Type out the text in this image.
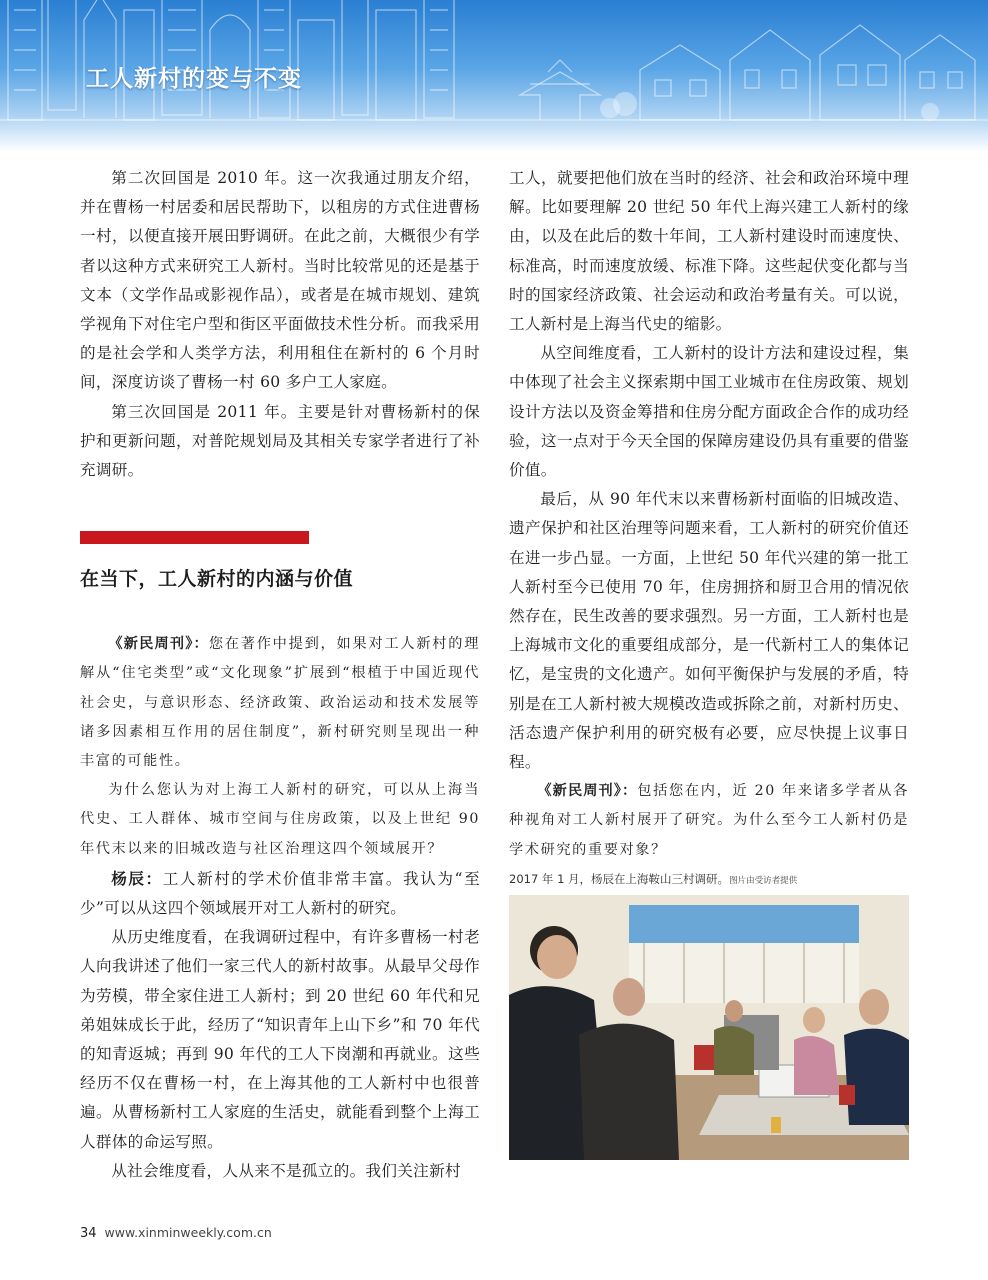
工人新村的变与不变

第二次回国是 2010 年。这一次我通过朋友介绍，并在曹杨一村居委和居民帮助下，以租房的方式住进曹杨一村，以便直接开展田野调研。在此之前，大概很少有学者以这种方式来研究工人新村。当时比较常见的还是基于文本（文学作品或影视作品），或者是在城市规划、建筑学视角下对住宅户型和街区平面做技术性分析。而我采用的是社会学和人类学方法，利用租住在新村的 6 个月时间，深度访谈了曹杨一村 60 多户工人家庭。

第三次回国是 2011 年。主要是针对曹杨新村的保护和更新问题，对普陀规划局及其相关专家学者进行了补充调研。

在当下，工人新村的内涵与价值

《新民周刊》：您在著作中提到，如果对工人新村的理解从“住宅类型”或“文化现象”扩展到“根植于中国近现代社会史，与意识形态、经济政策、政治运动和技术发展等诸多因素相互作用的居住制度”，新村研究则呈现出一种丰富的可能性。

为什么您认为对上海工人新村的研究，可以从上海当代史、工人群体、城市空间与住房政策，以及上世纪 90 年代末以来的旧城改造与社区治理这四个领域展开？

杨辰：工人新村的学术价值非常丰富。我认为“至少”可以从这四个领域展开对工人新村的研究。

从历史维度看，在我调研过程中，有许多曹杨一村老人向我讲述了他们一家三代人的新村故事。从最早父母作为劳模，带全家住进工人新村；到 20 世纪 60 年代和兄弟姐妹成长于此，经历了“知识青年上山下乡”和 70 年代的知青返城；再到 90 年代的工人下岗潮和再就业。这些经历不仅在曹杨一村，在上海其他的工人新村中也很普遍。从曹杨新村工人家庭的生活史，就能看到整个上海工人群体的命运写照。

从社会维度看，人从来不是孤立的。我们关注新村

工人，就要把他们放在当时的经济、社会和政治环境中理解。比如要理解 20 世纪 50 年代上海兴建工人新村的缘由，以及在此后的数十年间，工人新村建设时而速度快、标准高，时而速度放缓、标准下降。这些起伏变化都与当时的国家经济政策、社会运动和政治考量有关。可以说，工人新村是上海当代史的缩影。

从空间维度看，工人新村的设计方法和建设过程，集中体现了社会主义探索期中国工业城市在住房政策、规划设计方法以及资金筹措和住房分配方面政企合作的成功经验，这一点对于今天全国的保障房建设仍具有重要的借鉴价值。

最后，从 90 年代末以来曹杨新村面临的旧城改造、遗产保护和社区治理等问题来看，工人新村的研究价值还在进一步凸显。一方面，上世纪 50 年代兴建的第一批工人新村至今已使用 70 年，住房拥挤和厨卫合用的情况依然存在，民生改善的要求强烈。另一方面，工人新村也是上海城市文化的重要组成部分，是一代新村工人的集体记忆，是宝贵的文化遗产。如何平衡保护与发展的矛盾，特别是在工人新村被大规模改造或拆除之前，对新村历史、活态遗产保护利用的研究极有必要，应尽快提上议事日程。

《新民周刊》：包括您在内，近 20 年来诸多学者从各种视角对工人新村展开了研究。为什么至今工人新村仍是学术研究的重要对象？

2017 年 1 月，杨辰在上海鞍山三村调研。图片由受访者提供
34 www.xinminweekly.com.cn
